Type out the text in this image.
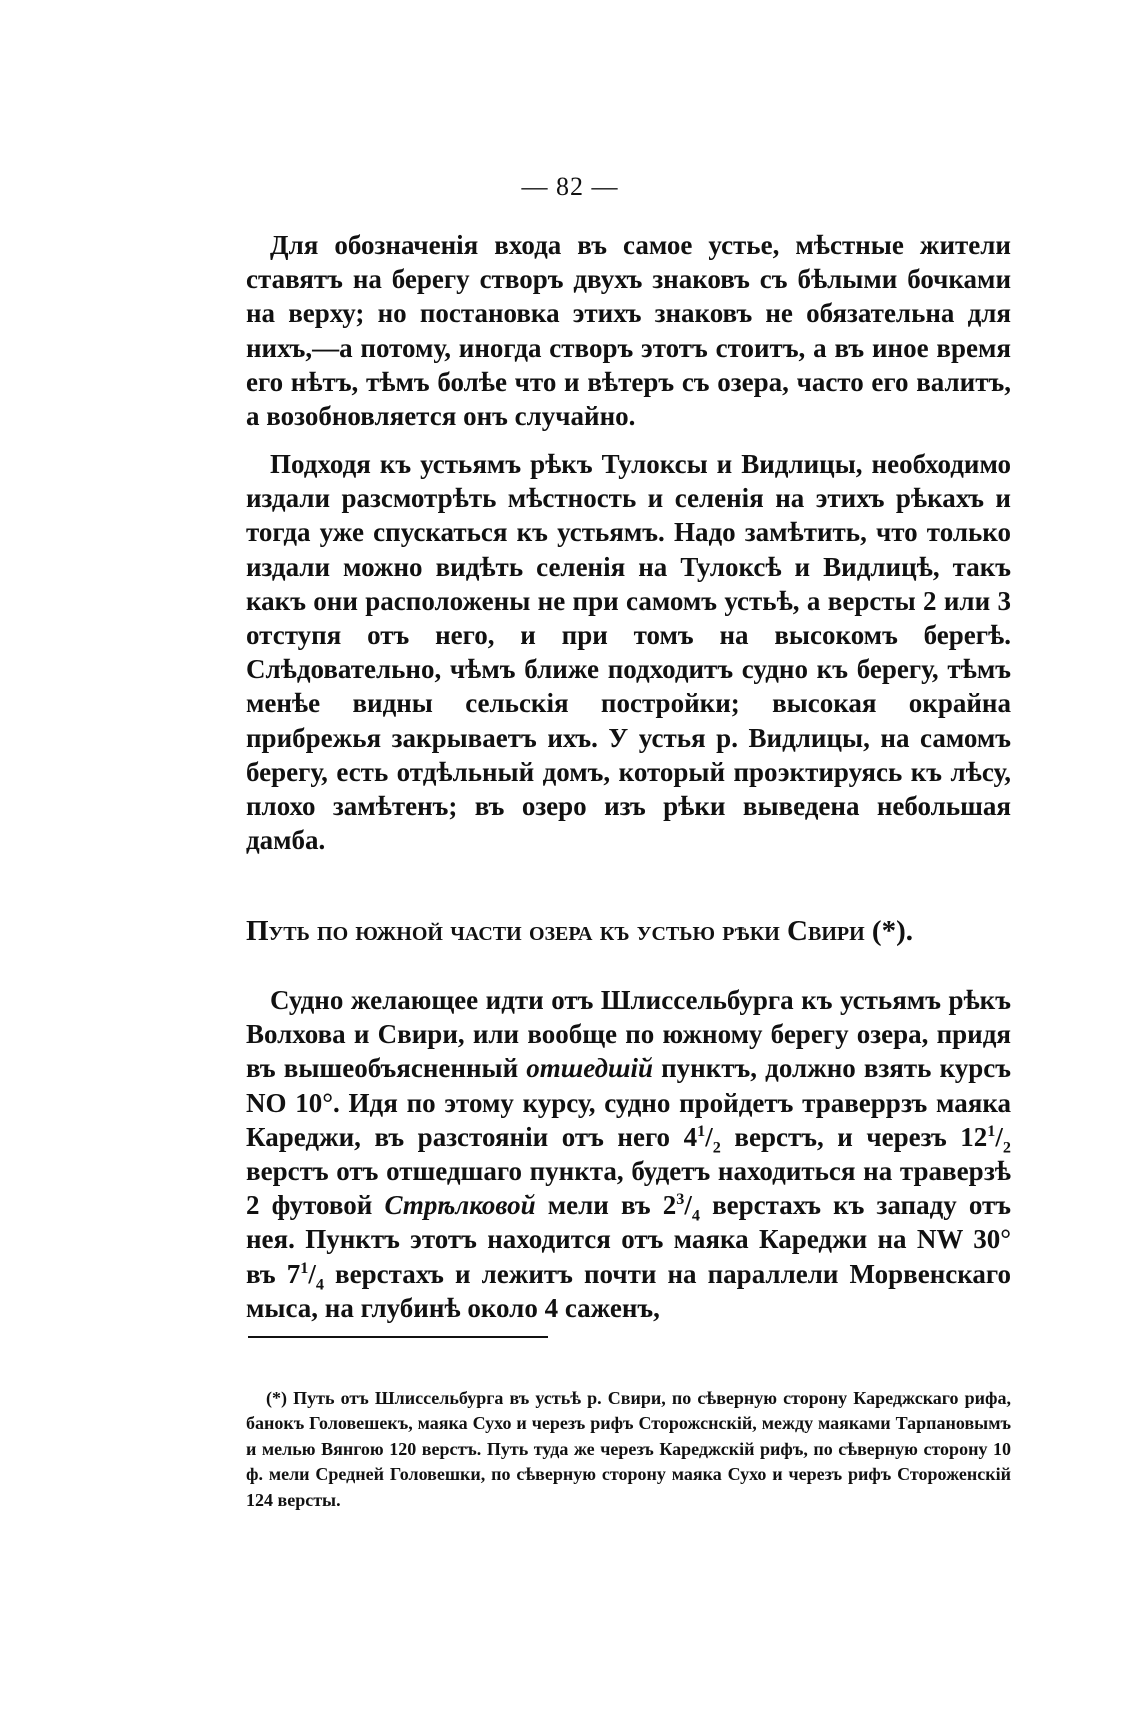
— 82 —

Для обозначенія входа въ самое устье, мѣстные жители ставятъ на берегу створъ двухъ знаковъ съ бѣлыми бочками на верху; но постановка этихъ знаковъ не обязательна для нихъ,—а потому, иногда створъ этотъ стоитъ, а въ иное время его нѣтъ, тѣмъ болѣе что и вѣтеръ съ озера, часто его валитъ, а возобновляется онъ случайно.

Подходя къ устьямъ рѣкъ Тулоксы и Видлицы, необходимо издали разсмотрѣть мѣстность и селенія на этихъ рѣкахъ и тогда уже спускаться къ устьямъ. Надо замѣтить, что только издали можно видѣть селенія на Тулоксѣ и Видлицѣ, такъ какъ они расположены не при самомъ устьѣ, а версты 2 или 3 отступя отъ него, и при томъ на высокомъ берегѣ. Слѣдовательно, чѣмъ ближе подходитъ судно къ берегу, тѣмъ менѣе видны сельскія постройки; высокая окрайна прибрежья закрываетъ ихъ. У устья р. Видлицы, на самомъ берегу, есть отдѣльный домъ, который проэктируясь къ лѣсу, плохо замѣтенъ; въ озеро изъ рѣки выведена небольшая дамба.

Путь по южной части озера къ устью рѣки Свири (*).

Судно желающее идти отъ Шлиссельбурга къ устьямъ рѣкъ Волхова и Свири, или вообще по южному берегу озера, придя въ вышеобъясненный отшедшій пунктъ, должно взять курсъ NO 10°. Идя по этому курсу, судно пройдетъ траверрзъ маяка Кареджи, въ разстояніи отъ него $4^1/_2$ верстъ, и черезъ $12^1/_2$ верстъ отъ отшедшаго пункта, будетъ находиться на траверзѣ 2 футовой Стрѣлковой мели въ $2^3/_4$ верстахъ къ западу отъ нея. Пунктъ этотъ находится отъ маяка Кареджи на NW 30° въ $7^1/_4$ верстахъ и лежитъ почти на параллели Морвенскаго мыса, на глубинѣ около 4 саженъ,

(*) Путь отъ Шлиссельбурга въ устьѣ р. Свири, по сѣверную сторону Кареджскаго рифа, банокъ Головешекъ, маяка Сухо и черезъ рифъ Сторожснскій, между маяками Тарпановымъ и мелью Вянгою 120 верстъ. Путь туда же черезъ Кареджскій рифъ, по сѣверную сторону 10 ф. мели Средней Головешки, по сѣверную сторону маяка Сухо и черезъ рифъ Стороженскій 124 версты.
